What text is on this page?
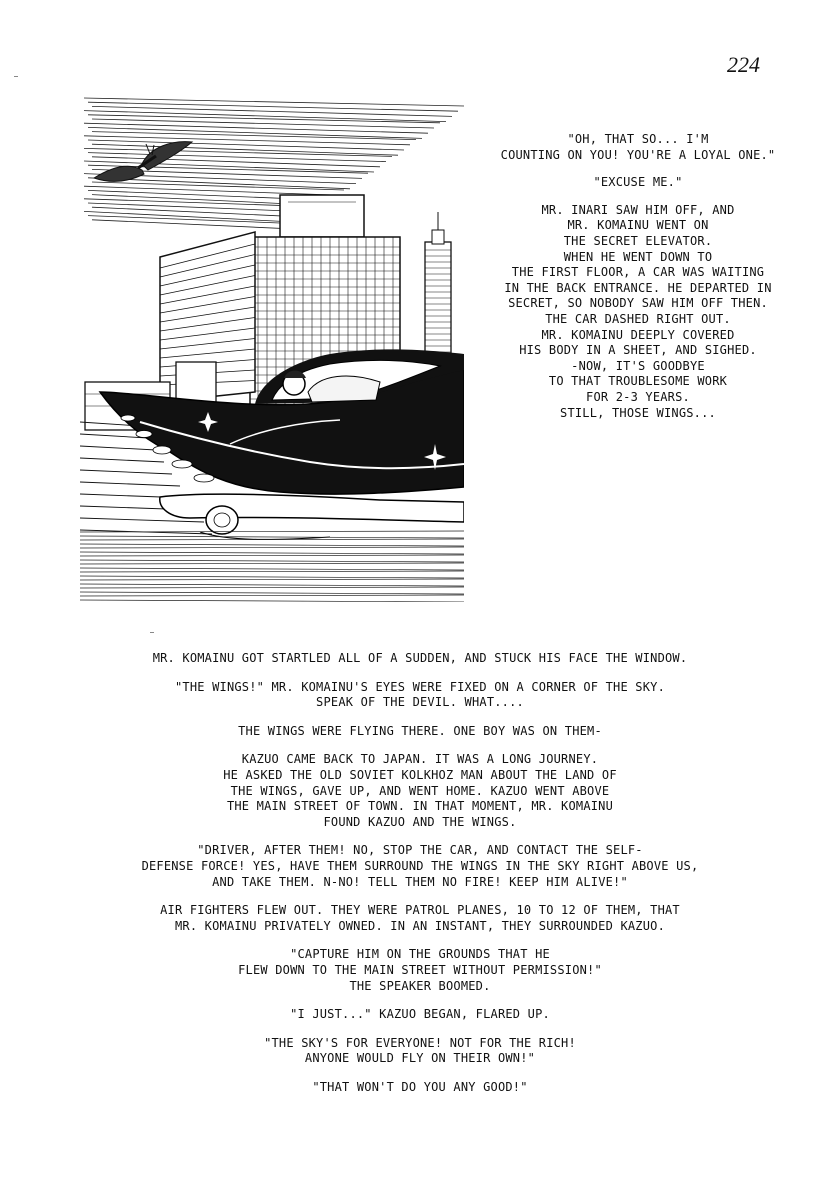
224

"OH, THAT SO... I'M
COUNTING ON YOU! YOU'RE A LOYAL ONE."

"EXCUSE ME."

MR. INARI SAW HIM OFF, AND
MR. KOMAINU WENT ON
THE SECRET ELEVATOR.
WHEN HE WENT DOWN TO
THE FIRST FLOOR, A CAR WAS WAITING
IN THE BACK ENTRANCE. HE DEPARTED IN
SECRET, SO NOBODY SAW HIM OFF THEN.
THE CAR DASHED RIGHT OUT.
MR. KOMAINU DEEPLY COVERED
HIS BODY IN A SHEET, AND SIGHED.
-NOW, IT'S GOODBYE
TO THAT TROUBLESOME WORK
FOR 2-3 YEARS.
STILL, THOSE WINGS...

MR. KOMAINU GOT STARTLED ALL OF A SUDDEN, AND STUCK HIS FACE THE WINDOW.

"THE WINGS!" MR. KOMAINU'S EYES WERE FIXED ON A CORNER OF THE SKY.
SPEAK OF THE DEVIL. WHAT....

THE WINGS WERE FLYING THERE. ONE BOY WAS ON THEM-

KAZUO CAME BACK TO JAPAN. IT WAS A LONG JOURNEY.
HE ASKED THE OLD SOVIET KOLKHOZ MAN ABOUT THE LAND OF
THE WINGS, GAVE UP, AND WENT HOME. KAZUO WENT ABOVE
THE MAIN STREET OF TOWN. IN THAT MOMENT, MR. KOMAINU
FOUND KAZUO AND THE WINGS.

"DRIVER, AFTER THEM! NO, STOP THE CAR, AND CONTACT THE SELF-
DEFENSE FORCE! YES, HAVE THEM SURROUND THE WINGS IN THE SKY RIGHT ABOVE US,
AND TAKE THEM. N-NO! TELL THEM NO FIRE! KEEP HIM ALIVE!"

AIR FIGHTERS FLEW OUT. THEY WERE PATROL PLANES, 10 TO 12 OF THEM, THAT
MR. KOMAINU PRIVATELY OWNED. IN AN INSTANT, THEY SURROUNDED KAZUO.

"CAPTURE HIM ON THE GROUNDS THAT HE
FLEW DOWN TO THE MAIN STREET WITHOUT PERMISSION!"
THE SPEAKER BOOMED.

"I JUST..." KAZUO BEGAN, FLARED UP.

"THE SKY'S FOR EVERYONE! NOT FOR THE RICH!
ANYONE WOULD FLY ON THEIR OWN!"

"THAT WON'T DO YOU ANY GOOD!"
